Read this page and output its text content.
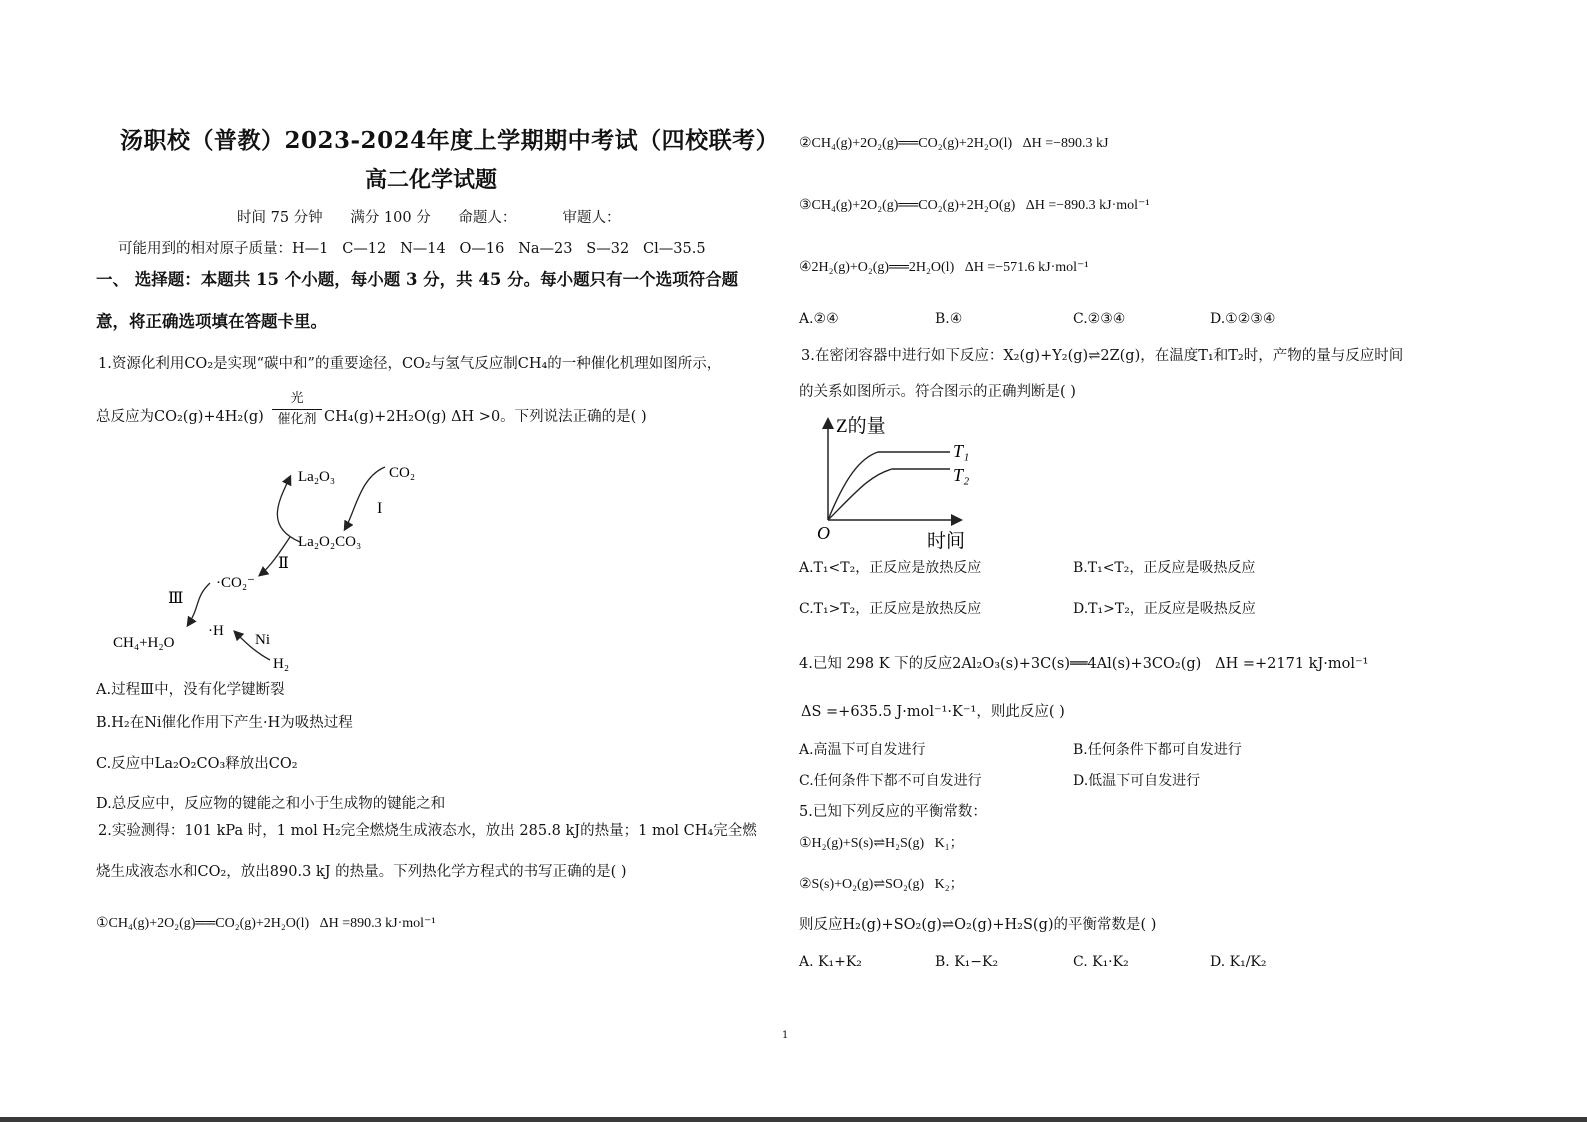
汤职校（普教）2023-2024年度上学期期中考试（四校联考）
高二化学试题
时间 75 分钟      满分 100 分      命题人：          审题人：
可能用到的相对原子质量：H—1   C—12   N—14   O—16   Na—23   S—32   Cl—35.5
一、 选择题：本题共 15 个小题，每小题 3 分，共 45 分。每小题只有一个选项符合题
意，将正确选项填在答题卡里。
1.资源化利用CO₂是实现“碳中和”的重要途径，CO₂与氢气反应制CH₄的一种催化机理如图所示，
总反应为CO₂(g)+4H₂(g)
光
催化剂 CH₄(g)+2H₂O(g) ΔH >0。下列说法正确的是( )
La₂O₃	CO₂
I
La₂O₂CO₃
Ⅱ
·CO₂⁻
Ⅲ
·H
CH₄+H₂O	Ni
H₂
A.过程Ⅲ中，没有化学键断裂
B.H₂在Ni催化作用下产生·H为吸热过程
C.反应中La₂O₂CO₃释放出CO₂
D.总反应中，反应物的键能之和小于生成物的键能之和
2.实验测得：101 kPa 时，1 mol H₂完全燃烧生成液态水，放出 285.8 kJ的热量；1 mol CH₄完全燃
烧生成液态水和CO₂，放出890.3 kJ 的热量。下列热化学方程式的书写正确的是( )
①CH₄(g)+2O₂(g)══CO₂(g)+2H₂O(l)   ΔH =890.3 kJ·mol⁻¹
②CH₄(g)+2O₂(g)══CO₂(g)+2H₂O(l)   ΔH =−890.3 kJ
③CH₄(g)+2O₂(g)══CO₂(g)+2H₂O(g)   ΔH =−890.3 kJ·mol⁻¹
④2H₂(g)+O₂(g)══2H₂O(l)   ΔH =−571.6 kJ·mol⁻¹
A.②④	B.④	C.②③④	D.①②③④
3.在密闭容器中进行如下反应：X₂(g)+Y₂(g)⇌2Z(g)，在温度T₁和T₂时，产物的量与反应时间
的关系如图所示。符合图示的正确判断是( )
Z的量
T₁
T₂
O	时间
A.T₁<T₂，正反应是放热反应	B.T₁<T₂，正反应是吸热反应
C.T₁>T₂，正反应是放热反应	D.T₁>T₂，正反应是吸热反应
4.已知 298 K 下的反应2Al₂O₃(s)+3C(s)══4Al(s)+3CO₂(g)   ΔH =+2171 kJ·mol⁻¹
ΔS =+635.5 J·mol⁻¹·K⁻¹，则此反应( )
A.高温下可自发进行	B.任何条件下都可自发进行
C.任何条件下都不可自发进行	D.低温下可自发进行
5.已知下列反应的平衡常数：
①H₂(g)+S(s)⇌H₂S(g)   K₁；
②S(s)+O₂(g)⇌SO₂(g)   K₂；
则反应H₂(g)+SO₂(g)⇌O₂(g)+H₂S(g)的平衡常数是( )
A. K₁+K₂	B. K₁−K₂	C. K₁·K₂	D. K₁/K₂
1
